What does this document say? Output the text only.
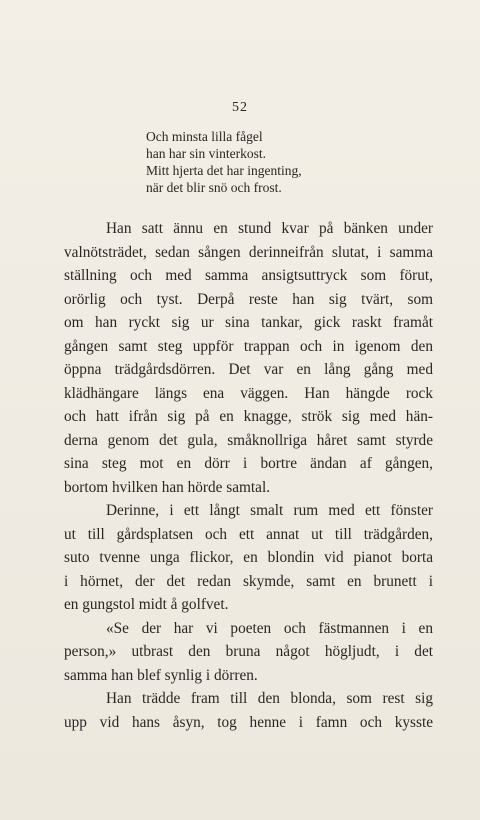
52
Och minsta lilla fågel
han har sin vinterkost.
Mitt hjerta det har ingenting,
när det blir snö och frost.
Han satt ännu en stund kvar på bänken under
valnötsträdet, sedan sången derinneifrån slutat, i samma
ställning och med samma ansigtsuttryck som förut,
orörlig och tyst. Derpå reste han sig tvärt, som
om han ryckt sig ur sina tankar, gick raskt framåt
gången samt steg uppför trappan och in igenom den
öppna trädgårdsdörren. Det var en lång gång med
klädhängare längs ena väggen. Han hängde rock
och hatt ifrån sig på en knagge, strök sig med hän-
derna genom det gula, småknollriga håret samt styrde
sina steg mot en dörr i bortre ändan af gången,
bortom hvilken han hörde samtal.
Derinne, i ett långt smalt rum med ett fönster
ut till gårdsplatsen och ett annat ut till trädgården,
suto tvenne unga flickor, en blondin vid pianot borta
i hörnet, der det redan skymde, samt en brunett i
en gungstol midt å golfvet.
«Se der har vi poeten och fästmannen i en
person,» utbrast den bruna något högljudt, i det
samma han blef synlig i dörren.
Han trädde fram till den blonda, som rest sig
upp vid hans åsyn, tog henne i famn och kysste
